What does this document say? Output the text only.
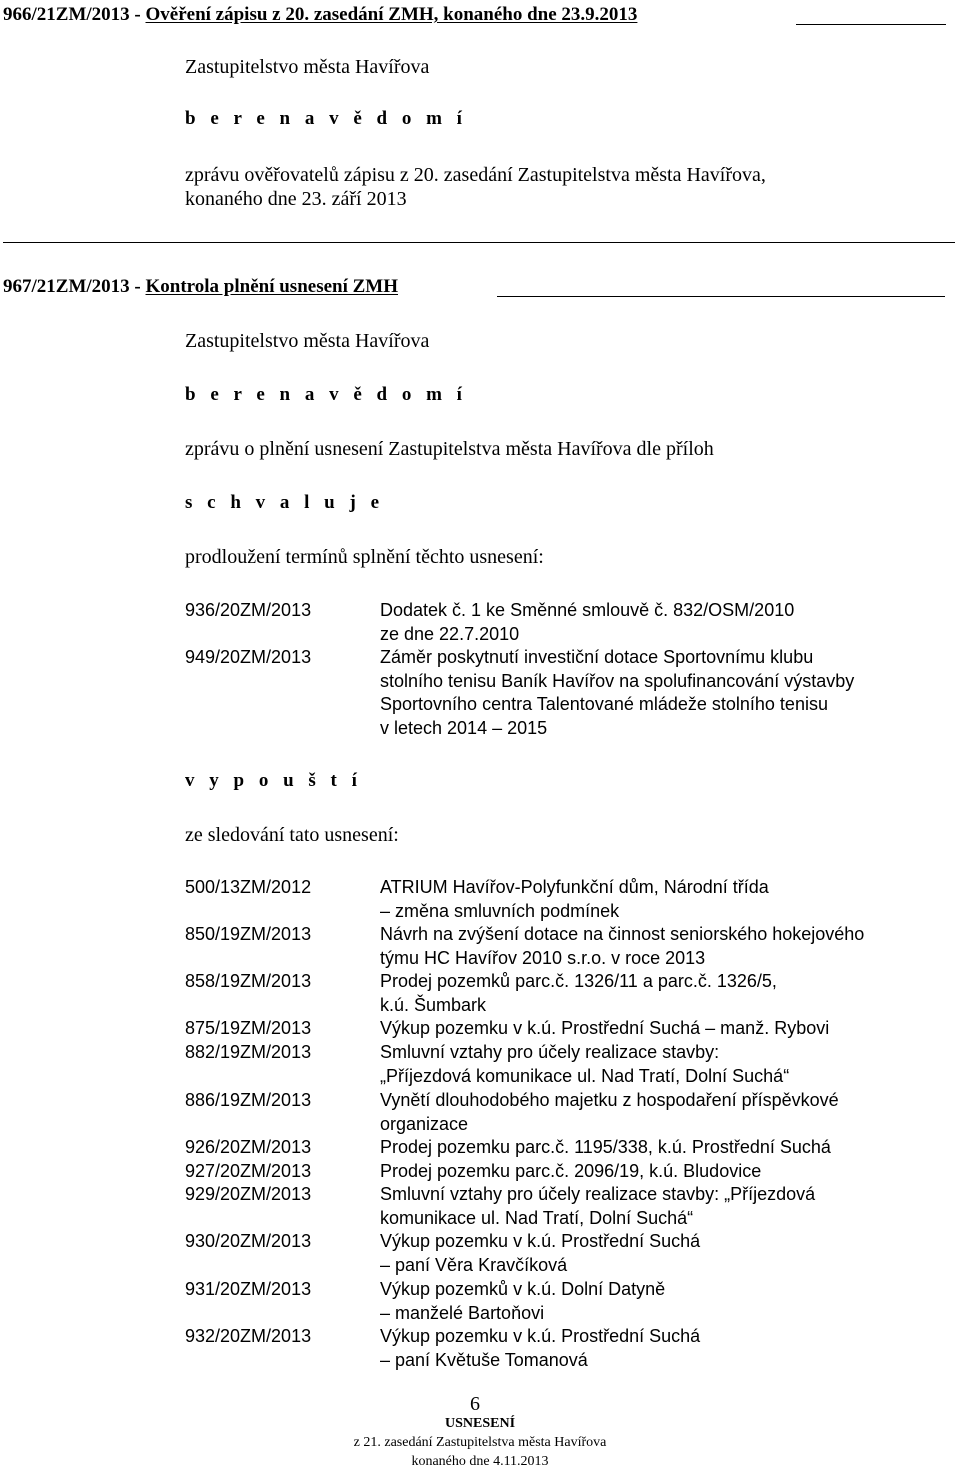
966/21ZM/2013 - Ověření zápisu z 20. zasedání ZMH, konaného dne 23.9.2013
Zastupitelstvo města Havířova
b e r e n a v ě d o m í
zprávu ověřovatelů zápisu z 20. zasedání Zastupitelstva města Havířova,
konaného dne 23. září 2013
967/21ZM/2013 - Kontrola plnění usnesení ZMH
Zastupitelstvo města Havířova
b e r e n a v ě d o m í
zprávu o plnění usnesení Zastupitelstva města Havířova dle příloh
s c h v a l u j e
prodloužení termínů splnění těchto usnesení:
936/20ZM/2013	Dodatek č. 1 ke Směnné smlouvě č. 832/OSM/2010
ze dne 22.7.2010
949/20ZM/2013	Záměr poskytnutí investiční dotace Sportovnímu klubu
stolního tenisu Baník Havířov na spolufinancování výstavby
Sportovního centra Talentované mládeže stolního tenisu
v letech 2014 – 2015
v y p o u š t í
ze sledování tato usnesení:
500/13ZM/2012	ATRIUM Havířov-Polyfunkční dům, Národní třída
– změna smluvních podmínek
850/19ZM/2013	Návrh na zvýšení dotace na činnost seniorského hokejového
týmu HC Havířov 2010 s.r.o. v roce 2013
858/19ZM/2013	Prodej pozemků parc.č. 1326/11 a parc.č. 1326/5,
k.ú. Šumbark
875/19ZM/2013	Výkup pozemku v k.ú. Prostřední Suchá – manž. Rybovi
882/19ZM/2013	Smluvní vztahy pro účely realizace stavby:
„Příjezdová komunikace ul. Nad Tratí, Dolní Suchá“
886/19ZM/2013	Vynětí dlouhodobého majetku z hospodaření příspěvkové
organizace
926/20ZM/2013	Prodej pozemku parc.č. 1195/338, k.ú. Prostřední Suchá
927/20ZM/2013	Prodej pozemku parc.č. 2096/19, k.ú. Bludovice
929/20ZM/2013	Smluvní vztahy pro účely realizace stavby: „Příjezdová
komunikace ul. Nad Tratí, Dolní Suchá“
930/20ZM/2013	Výkup pozemku v k.ú. Prostřední Suchá
– paní Věra Kravčíková
931/20ZM/2013	Výkup pozemků v k.ú. Dolní Datyně
– manželé Bartoňovi
932/20ZM/2013	Výkup pozemku v k.ú. Prostřední Suchá
– paní Květuše Tomanová
6
USNESENÍ
z 21. zasedání Zastupitelstva města Havířova
konaného dne 4.11.2013
